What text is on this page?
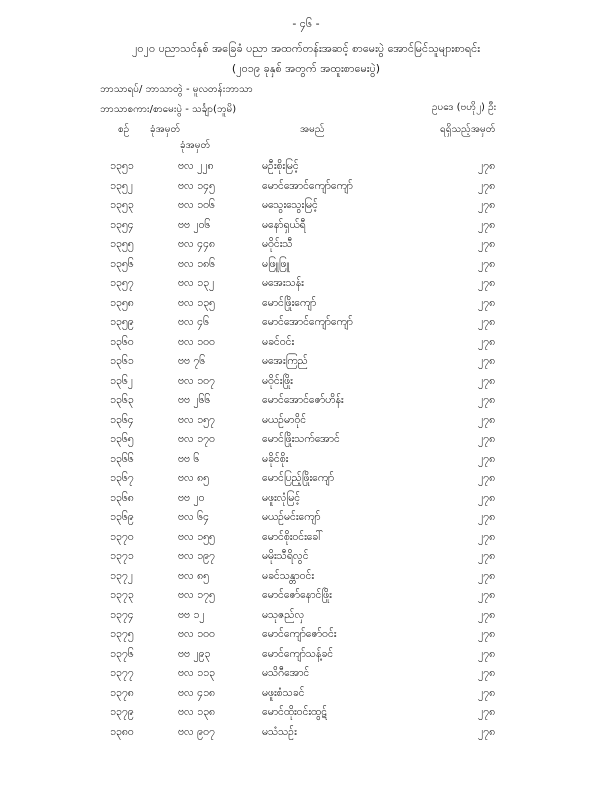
- ၄၆ -
၂၀၂၀ ပညာသင်နှစ် အခြေခံ ပညာ အထက်တန်းအဆင့် စာမေးပွဲ အောင်မြင်သူများစာရင်း
(၂၀၁၉ ခုနှစ် အတွက် အထူးစာမေးပွဲ)
ဘာသာရပ်/ ဘာသာတွဲ - မူလတန်းဘာသာ
ဘာသာစကား/စာမေးပွဲ - သင်္ချာ(ဘူမိ)	ဥပဒေ (ဗဟို၂) ဦး
စဉ် ခုံအမှတ်
ခုံအမှတ်
အမည်	ရရှိသည့်အမှတ်
၁၃၅၁	ဗလ ၂၂၈	မဦးစိုးမြင့်	၂၇၈
၁၃၅၂	ဗလ ၁၄၅	မောင်အောင်ကျော်ကျော်	၂၇၈
၁၃၅၃	ဗလ ၁၀၆	မသွေးသွေးမြင့်	၂၇၈
၁၃၅၄	ဗဗ ၂၀၆	မနော်ရှယ်ရီ	၂၇၈
၁၃၅၅	ဗလ ၄၄၈	မဝိုင်းသီ	၂၇၈
၁၃၅၆	ဗလ ၁၈၆	မဖြူဖြူ	၂၇၈
၁၃၅၇	ဗလ ၁၃၂	မအေးသန်း	၂၇၈
၁၃၅၈	ဗလ ၁၃၅	မောင်ဖြိုးကျော်	၂၇၈
၁၃၅၉	ဗလ ၄၆	မောင်အောင်ကျော်ကျော်	၂၇၈
၁၃၆၀	ဗလ ၁၀၀	မခင်ဝင်း	၂၇၈
၁၃၆၁	ဗဗ ၇၆	မအေးကြည်	၂၇၈
၁၃၆၂	ဗလ ၁၀၇	မဝိုင်းဖြိုး	၂၇၈
၁၃၆၃	ဗဗ ၂၆၆	မောင်အောင်ဇော်ဟိန်း	၂၇၈
၁၃၆၄	ဗလ ၁၅၇	မယဉ်မာဝိုင်	၂၇၈
၁၃၆၅	ဗလ ၁၇၀	မောင်ဖြိုးသက်အောင်	၂၇၈
၁၃၆၆	ဗဗ ၆	မခိုင်စိုး	၂၇၈
၁၃၆၇	ဗလ ၈၅	မောင်ပြည့်ဖြိုးကျော်	၂၇၈
၁၃၆၈	ဗဗ ၂၀	မဖူးလုံမြင့်	၂၇၈
၁၃၆၉	ဗလ ၆၄	မယဉ်မင်းကျော်	၂၇၈
၁၃၇၀	ဗလ ၁၅၅	မောင်စိုးဝင်းခေါ်	၂၇၈
၁၃၇၁	ဗလ ၁၉၇	မမိုးသီရိလွင်	၂၇၈
၁၃၇၂	ဗလ ၈၅	မခင်သန္တာဝင်း	၂၇၈
၁၃၇၃	ဗလ ၁၇၅	မောင်ဇော်နောင်ဖြိုး	၂၇၈
၁၃၇၄	ဗဗ ၁၂	မသုဇည်လှ	၂၇၈
၁၃၇၅	ဗလ ၁၀၀	မောင်ကျော်ဇော်ဝင်း	၂၇၈
၁၃၇၆	ဗဗ ၂၉၃	မောင်ကျော်သန့်ခင်	၂၇၈
၁၃၇၇	ဗလ ၁၁၃	မသိဂီအောင်	၂၇၈
၁၃၇၈	ဗလ ၄၁၈	မဖူးစံသခင်	၂၇၈
၁၃၇၉	ဗလ ၁၃၈	မောင်ထိုးဝင်းထွဋ်	၂၇၈
၁၃၈၀	ဗလ ၉၀၇	မသံသဉ်း	၂၇၈
